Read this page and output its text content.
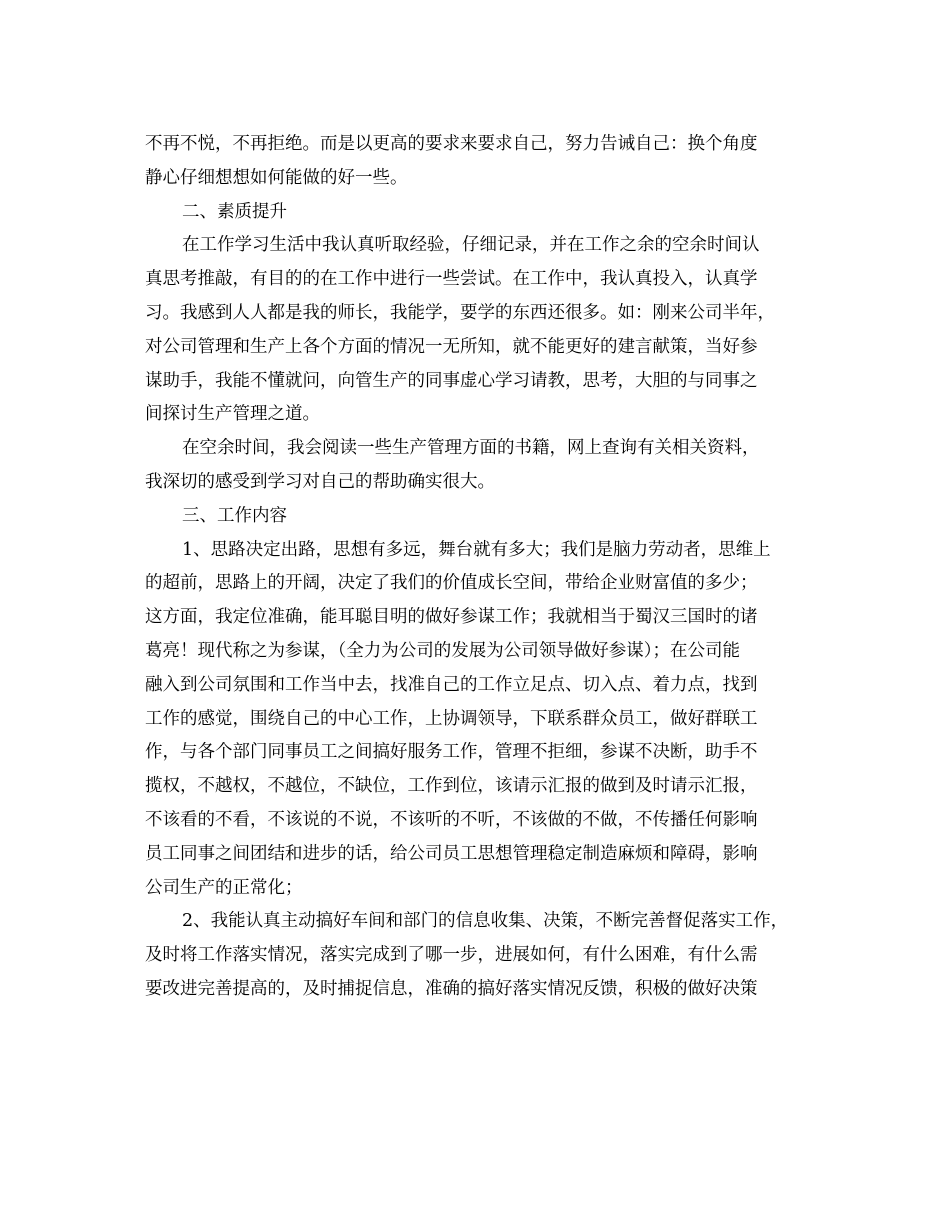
不再不悦，不再拒绝。而是以更高的要求来要求自己，努力告诫自己：换个角度
静心仔细想想如何能做的好一些。
二、素质提升
在工作学习生活中我认真听取经验，仔细记录，并在工作之余的空余时间认
真思考推敲，有目的的在工作中进行一些尝试。在工作中，我认真投入，认真学
习。我感到人人都是我的师长，我能学，要学的东西还很多。如：刚来公司半年，
对公司管理和生产上各个方面的情况一无所知，就不能更好的建言献策，当好参
谋助手，我能不懂就问，向管生产的同事虚心学习请教，思考，大胆的与同事之
间探讨生产管理之道。
在空余时间，我会阅读一些生产管理方面的书籍，网上查询有关相关资料，
我深切的感受到学习对自己的帮助确实很大。
三、工作内容
1、思路决定出路，思想有多远，舞台就有多大；我们是脑力劳动者，思维上
的超前，思路上的开阔，决定了我们的价值成长空间，带给企业财富值的多少；
这方面，我定位准确，能耳聪目明的做好参谋工作；我就相当于蜀汉三国时的诸
葛亮！现代称之为参谋，（全力为公司的发展为公司领导做好参谋）；在公司能
融入到公司氛围和工作当中去，找准自己的工作立足点、切入点、着力点，找到
工作的感觉，围绕自己的中心工作，上协调领导，下联系群众员工，做好群联工
作，与各个部门同事员工之间搞好服务工作，管理不拒细，参谋不决断，助手不
揽权，不越权，不越位，不缺位，工作到位，该请示汇报的做到及时请示汇报，
不该看的不看，不该说的不说，不该听的不听，不该做的不做，不传播任何影响
员工同事之间团结和进步的话，给公司员工思想管理稳定制造麻烦和障碍，影响
公司生产的正常化；
2、我能认真主动搞好车间和部门的信息收集、决策，不断完善督促落实工作，
及时将工作落实情况，落实完成到了哪一步，进展如何，有什么困难，有什么需
要改进完善提高的，及时捕捉信息，准确的搞好落实情况反馈，积极的做好决策
